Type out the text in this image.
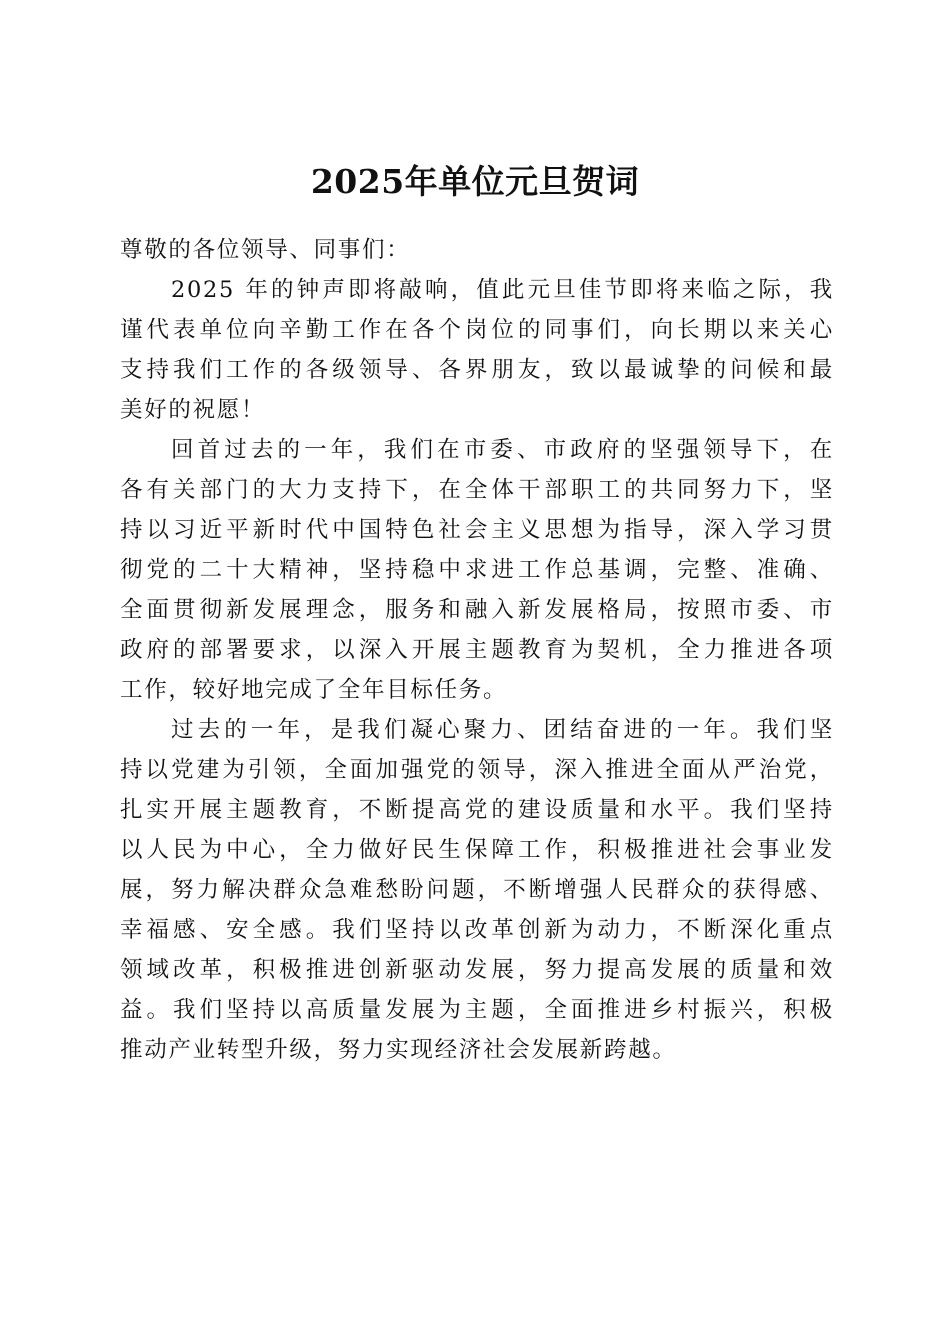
2025年单位元旦贺词

尊敬的各位领导、同事们：

2025 年的钟声即将敲响，值此元旦佳节即将来临之际，我
谨代表单位向辛勤工作在各个岗位的同事们，向长期以来关心
支持我们工作的各级领导、各界朋友，致以最诚挚的问候和最
美好的祝愿！

回首过去的一年，我们在市委、市政府的坚强领导下，在
各有关部门的大力支持下，在全体干部职工的共同努力下，坚
持以习近平新时代中国特色社会主义思想为指导，深入学习贯
彻党的二十大精神，坚持稳中求进工作总基调，完整、准确、
全面贯彻新发展理念，服务和融入新发展格局，按照市委、市
政府的部署要求，以深入开展主题教育为契机，全力推进各项
工作，较好地完成了全年目标任务。

过去的一年，是我们凝心聚力、团结奋进的一年。我们坚
持以党建为引领，全面加强党的领导，深入推进全面从严治党，
扎实开展主题教育，不断提高党的建设质量和水平。我们坚持
以人民为中心，全力做好民生保障工作，积极推进社会事业发
展，努力解决群众急难愁盼问题，不断增强人民群众的获得感、
幸福感、安全感。我们坚持以改革创新为动力，不断深化重点
领域改革，积极推进创新驱动发展，努力提高发展的质量和效
益。我们坚持以高质量发展为主题，全面推进乡村振兴，积极
推动产业转型升级，努力实现经济社会发展新跨越。
